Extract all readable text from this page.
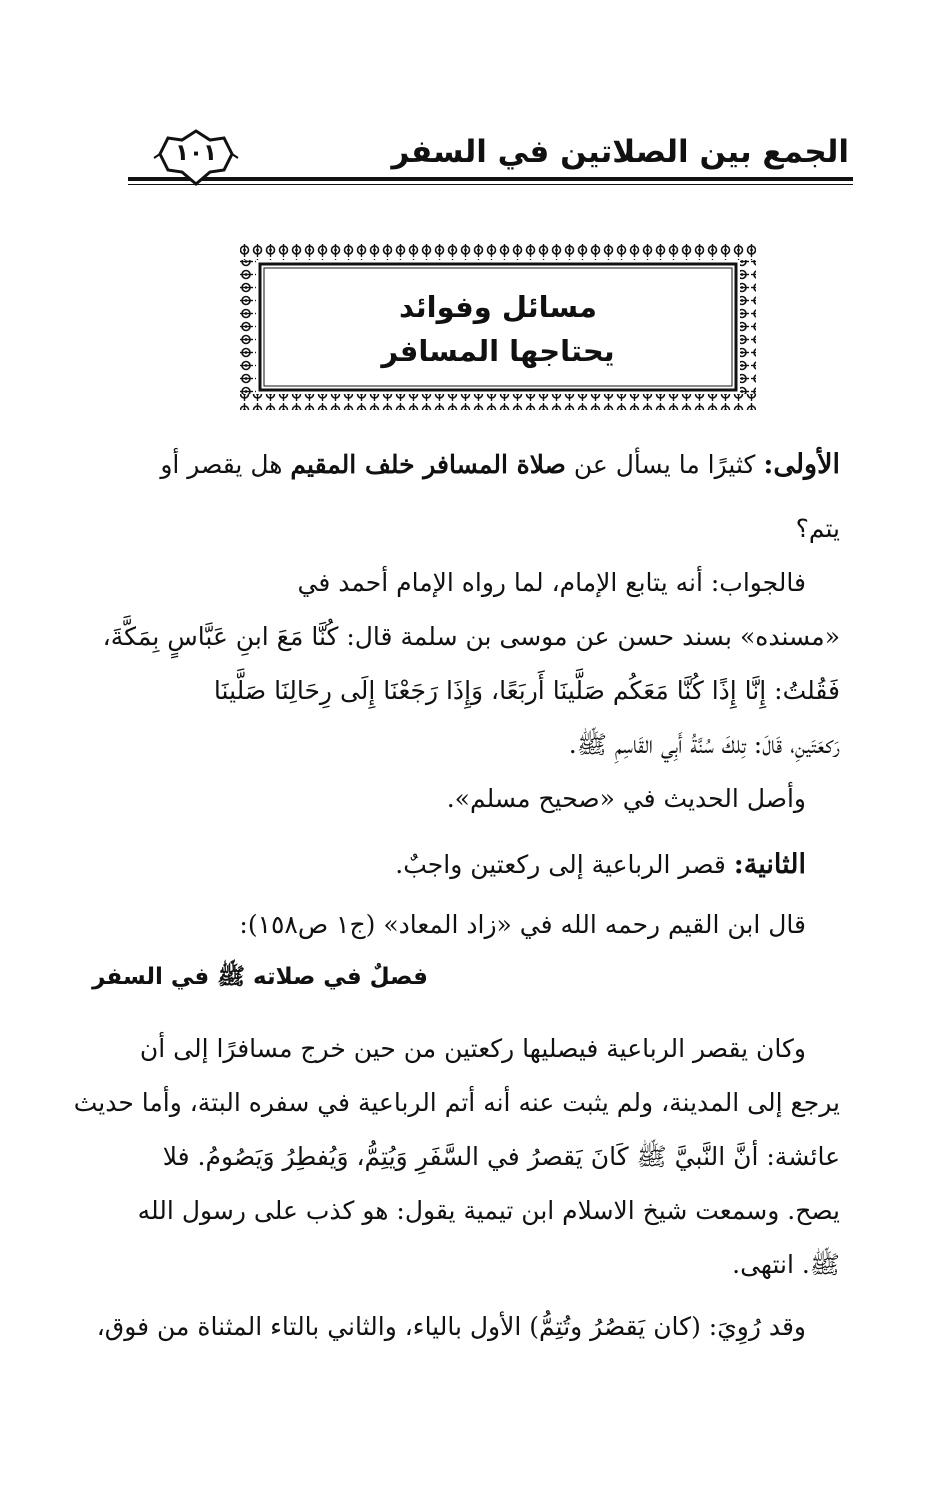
الجمع بين الصلاتين في السفر
١٠١
مسائل وفوائد
يحتاجها المسافر
الأولى: كثيرًا ما يسأل عن صلاة المسافر خلف المقيم هل يقصر أو
يتم؟
فالجواب: أنه يتابع الإمام، لما رواه الإمام أحمد في
«مسنده» بسند حسن عن موسى بن سلمة قال: كُنَّا مَعَ ابنِ عَبَّاسٍ بِمَكَّةَ،
فَقُلتُ: إِنَّا إِذًا كُنَّا مَعَكُم صَلَّينَا أَربَعًا، وَإِذَا رَجَعْنَا إِلَى رِحَالِنَا صَلَّينَا
رَكعَتَينِ، قَالَ: تِلكَ سُنَّةُ أَبِي القَاسِمِ ﷺ.
وأصل الحديث في «صحيح مسلم».
الثانية: قصر الرباعية إلى ركعتين واجبٌ.
قال ابن القيم رحمه الله في «زاد المعاد» (ج١ ص١٥٨):
فصلٌ في صلاته ﷺ في السفر
وكان يقصر الرباعية فيصليها ركعتين من حين خرج مسافرًا إلى أن
يرجع إلى المدينة، ولم يثبت عنه أنه أتم الرباعية في سفره البتة، وأما حديث
عائشة: أنَّ النَّبيَّ ﷺ كَانَ يَقصرُ في السَّفَرِ وَيُتِمُّ، وَيُفطِرُ وَيَصُومُ. فلا
يصح. وسمعت شيخ الاسلام ابن تيمية يقول: هو كذب على رسول الله
ﷺ. انتهى.
وقد رُوِيَ: (كان يَقصُرُ وتُتِمُّ) الأول بالياء، والثاني بالتاء المثناة من فوق،
